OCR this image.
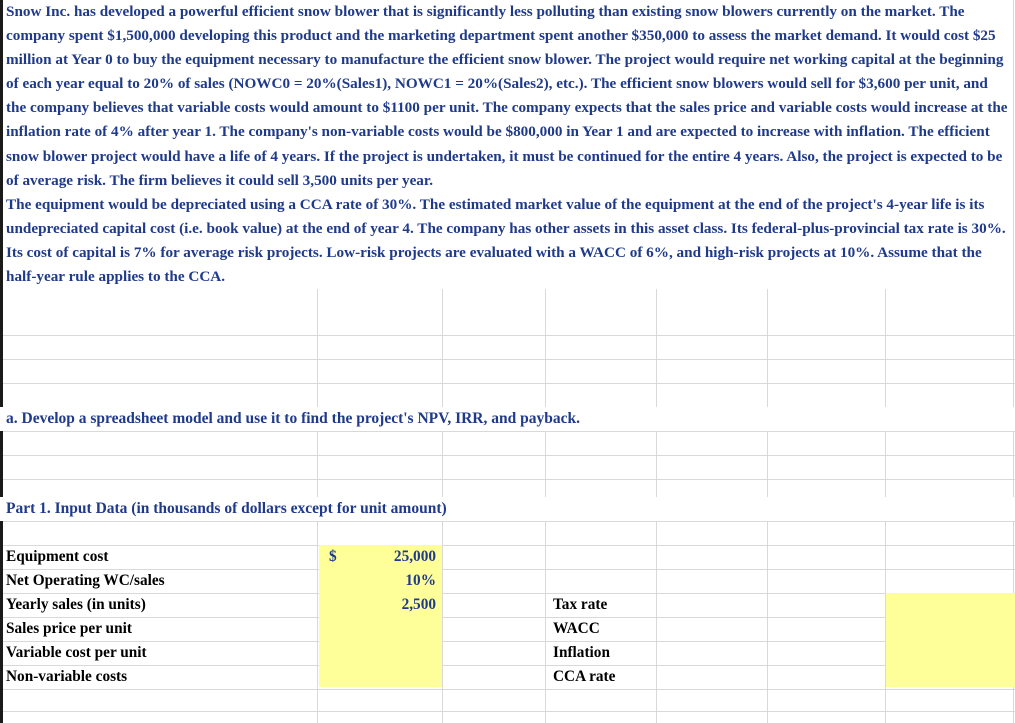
Snow Inc. has developed a powerful efficient snow blower that is significantly less polluting than existing snow blowers currently on the market. The company spent $1,500,000 developing this product and the marketing department spent another $350,000 to assess the market demand. It would cost $25 million at Year 0 to buy the equipment necessary to manufacture the efficient snow blower. The project would require net working capital at the beginning of each year equal to 20% of sales (NOWC0 = 20%(Sales1), NOWC1 = 20%(Sales2), etc.). The efficient snow blowers would sell for $3,600 per unit, and the company believes that variable costs would amount to $1100 per unit. The company expects that the sales price and variable costs would increase at the inflation rate of 4% after year 1. The company's non-variable costs would be $800,000 in Year 1 and are expected to increase with inflation. The efficient snow blower project would have a life of 4 years. If the project is undertaken, it must be continued for the entire 4 years. Also, the project is expected to be of average risk. The firm believes it could sell 3,500 units per year.

The equipment would be depreciated using a CCA rate of 30%. The estimated market value of the equipment at the end of the project's 4-year life is its undepreciated capital cost (i.e. book value) at the end of year 4. The company has other assets in this asset class. Its federal-plus-provincial tax rate is 30%. Its cost of capital is 7% for average risk projects. Low-risk projects are evaluated with a WACC of 6%, and high-risk projects at 10%. Assume that the half-year rule applies to the CCA.

a. Develop a spreadsheet model and use it to find the project's NPV, IRR, and payback.
Part 1. Input Data (in thousands of dollars except for unit amount)
Equipment cost
Net Operating WC/sales
Yearly sales (in units)
Sales price per unit
Variable cost per unit
Non-variable costs
$	25,000
10%
2,500	Tax rate
WACC
Inflation
CCA rate
